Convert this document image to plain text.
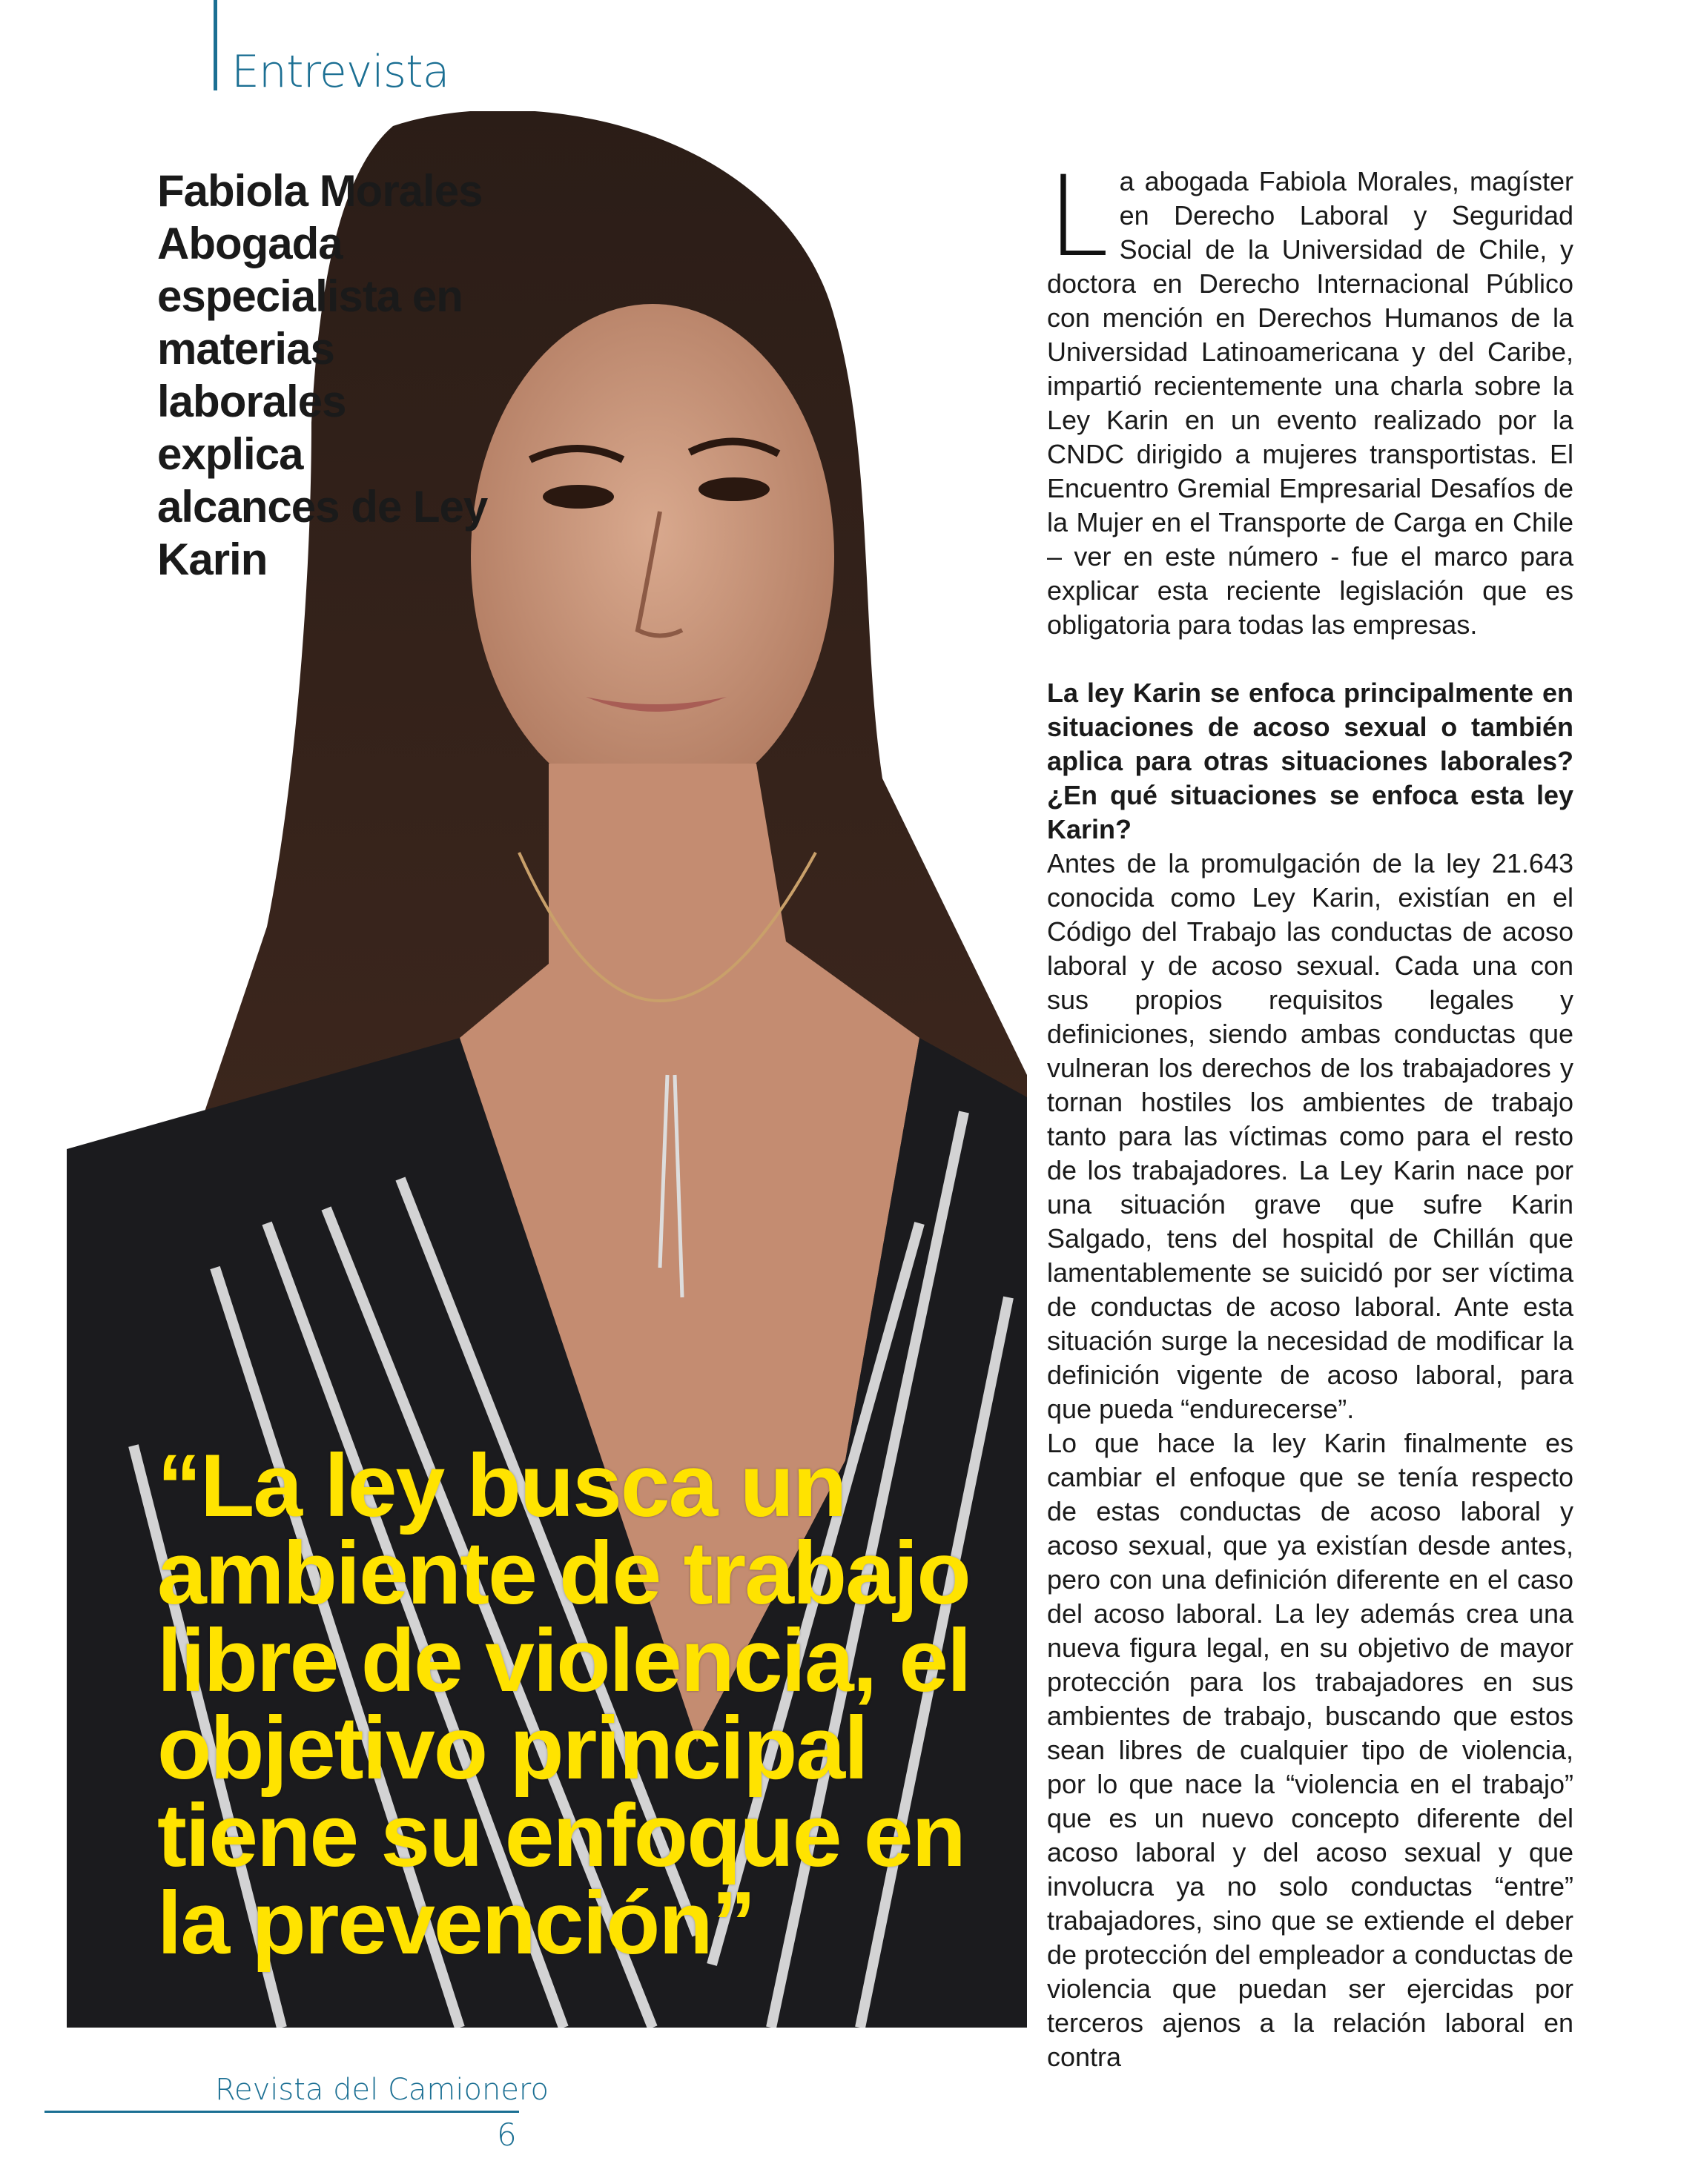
Entrevista
Fabiola Morales Abogada especialista en materias laborales explica alcances de Ley Karin
“La ley busca un ambiente de trabajo libre de violencia, el objetivo principal tiene su enfoque en la prevención”

La abogada Fabiola Morales, magíster en Derecho Laboral y Seguridad Social de la Universidad de Chile, y doctora en Derecho Internacional Público con mención en Derechos Humanos de la Universidad Latinoamericana y del Caribe, impartió recientemente una charla sobre la Ley Karin en un evento realizado por la CNDC dirigido a mujeres transportistas. El Encuentro Gremial Empresarial Desafíos de la Mujer en el Transporte de Carga en Chile – ver en este número - fue el marco para explicar esta reciente legislación que es obligatoria para todas las empresas.

La ley Karin se enfoca principalmente en situaciones de acoso sexual o también aplica para otras situaciones laborales? ¿En qué situaciones se enfoca esta ley Karin?

Antes de la promulgación de la ley 21.643 conocida como Ley Karin, existían en el Código del Trabajo las conductas de acoso laboral y de acoso sexual. Cada una con sus propios requisitos legales y definiciones, siendo ambas conductas que vulneran los derechos de los trabajadores y tornan hostiles los ambientes de trabajo tanto para las víctimas como para el resto de los trabajadores. La Ley Karin nace por una situación grave que sufre Karin Salgado, tens del hospital de Chillán que lamentablemente se suicidó por ser víctima de conductas de acoso laboral. Ante esta situación surge la necesidad de modificar la definición vigente de acoso laboral, para que pueda “endurecerse”.

Lo que hace la ley Karin finalmente es cambiar el enfoque que se tenía respecto de estas conductas de acoso laboral y acoso sexual, que ya existían desde antes, pero con una definición diferente en el caso del acoso laboral. La ley además crea una nueva figura legal, en su objetivo de mayor protección para los trabajadores en sus ambientes de trabajo, buscando que estos sean libres de cualquier tipo de violencia, por lo que nace la “violencia en el trabajo” que es un nuevo concepto diferente del acoso laboral y del acoso sexual y que involucra ya no solo conductas “entre” trabajadores, sino que se extiende el deber de protección del empleador a conductas de violencia que puedan ser ejercidas por terceros ajenos a la relación laboral en contra

Revista del Camionero
6
